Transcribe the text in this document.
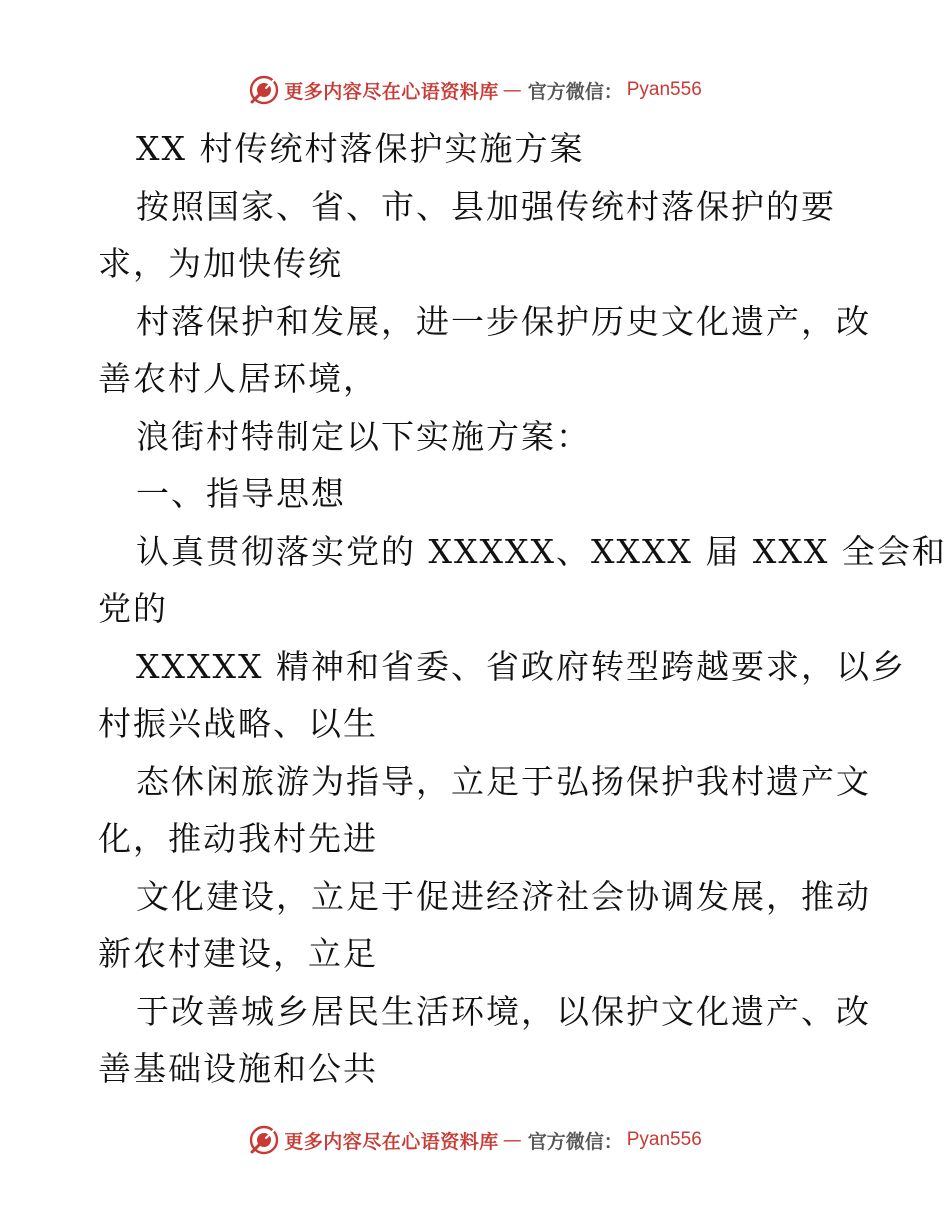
更多内容尽在心语资料库 — 官方微信： Pyan556
XX 村传统村落保护实施方案
按照国家、省、市、县加强传统村落保护的要
求，为加快传统
村落保护和发展，进一步保护历史文化遗产，改
善农村人居环境，
浪街村特制定以下实施方案：
一、指导思想
认真贯彻落实党的 XXXXX、XXXX 届 XXX 全会和
党的
XXXXX 精神和省委、省政府转型跨越要求，以乡
村振兴战略、以生
态休闲旅游为指导，立足于弘扬保护我村遗产文
化，推动我村先进
文化建设，立足于促进经济社会协调发展，推动
新农村建设，立足
于改善城乡居民生活环境，以保护文化遗产、改
善基础设施和公共
更多内容尽在心语资料库 — 官方微信： Pyan556
